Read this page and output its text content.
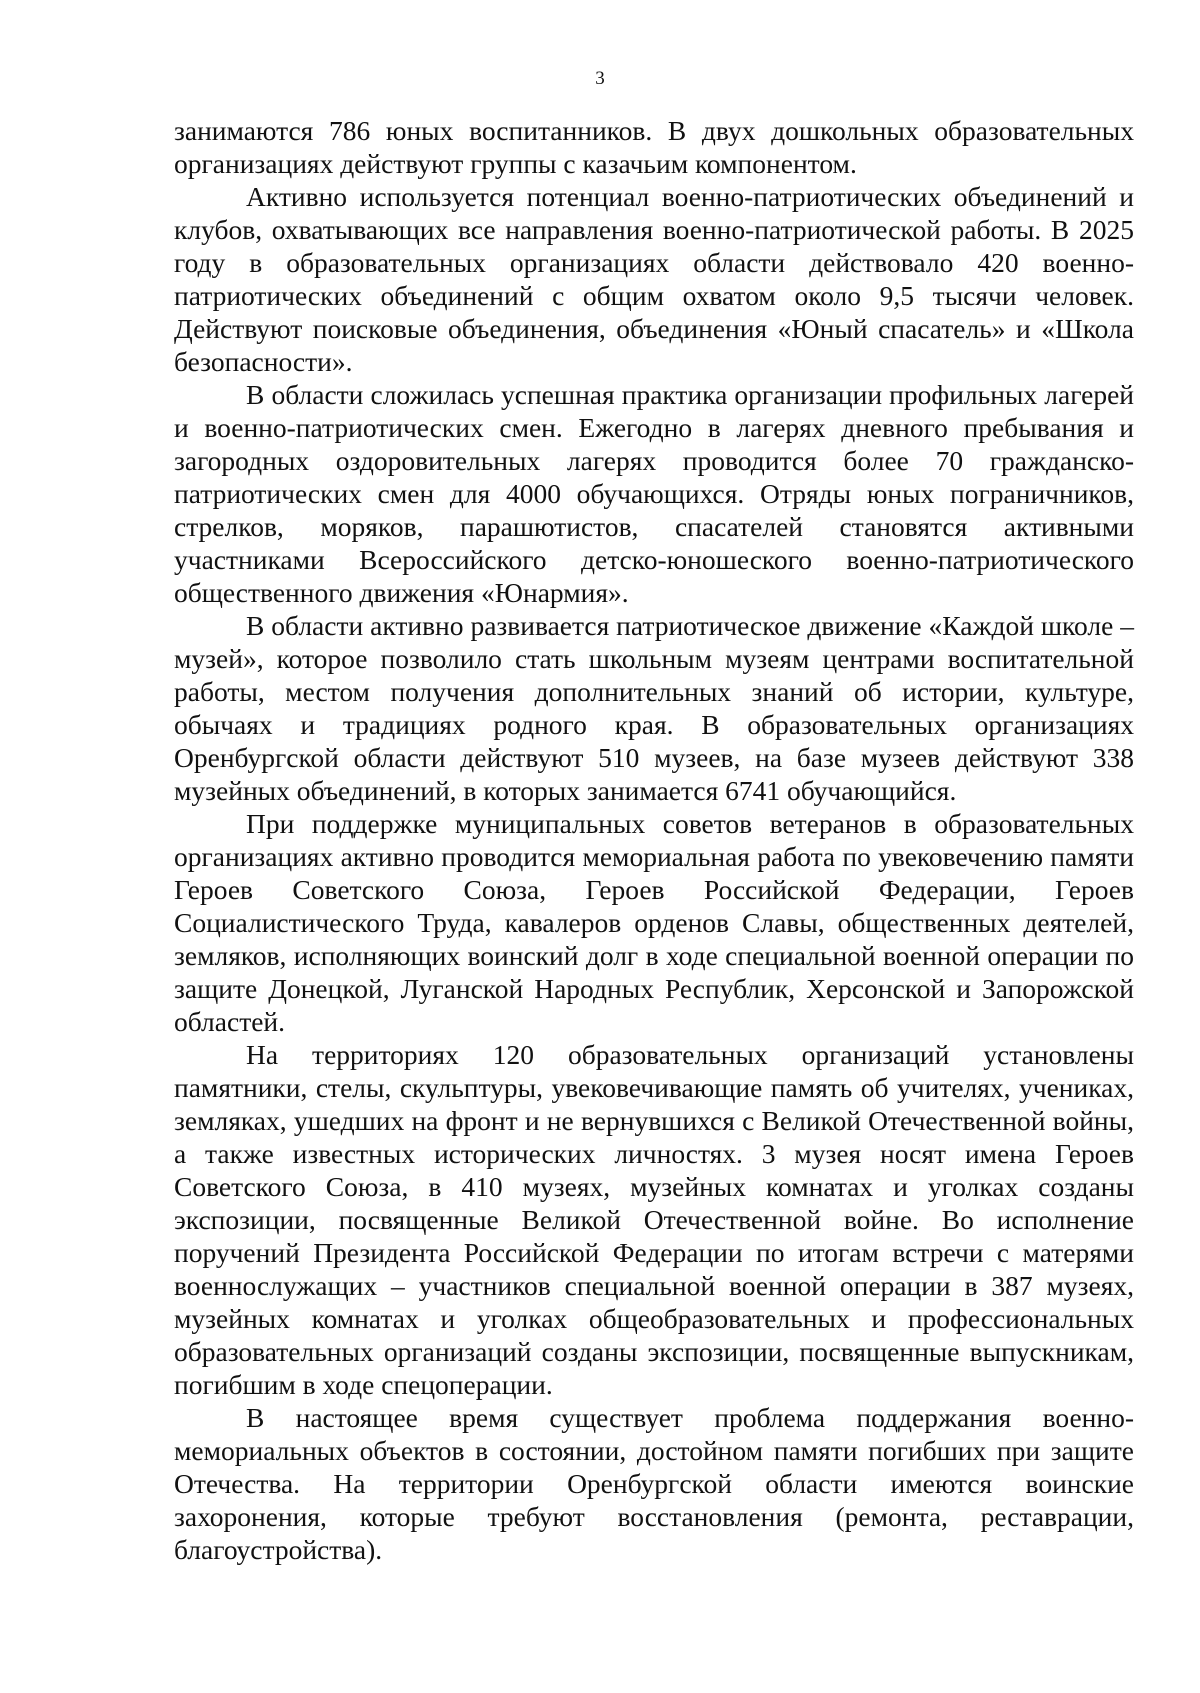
3

занимаются 786 юных воспитанников. В двух дошкольных образовательных организациях действуют группы с казачьим компонентом.

Активно используется потенциал военно-патриотических объединений и клубов, охватывающих все направления военно-патриотической работы. В 2025 году в образовательных организациях области действовало 420 военно-патриотических объединений с общим охватом около 9,5 тысячи человек. Действуют поисковые объединения, объединения «Юный спасатель» и «Школа безопасности».

В области сложилась успешная практика организации профильных лагерей и военно-патриотических смен. Ежегодно в лагерях дневного пребывания и загородных оздоровительных лагерях проводится более 70 гражданско-патриотических смен для 4000 обучающихся. Отряды юных пограничников, стрелков, моряков, парашютистов, спасателей становятся активными участниками Всероссийского детско-юношеского военно-патриотического общественного движения «Юнармия».

В области активно развивается патриотическое движение «Каждой школе – музей», которое позволило стать школьным музеям центрами воспитательной работы, местом получения дополнительных знаний об истории, культуре, обычаях и традициях родного края. В образовательных организациях Оренбургской области действуют 510 музеев, на базе музеев действуют 338 музейных объединений, в которых занимается 6741 обучающийся.

При поддержке муниципальных советов ветеранов в образовательных организациях активно проводится мемориальная работа по увековечению памяти Героев Советского Союза, Героев Российской Федерации, Героев Социалистического Труда, кавалеров орденов Славы, общественных деятелей, земляков, исполняющих воинский долг в ходе специальной военной операции по защите Донецкой, Луганской Народных Республик, Херсонской и Запорожской областей.

На территориях 120 образовательных организаций установлены памятники, стелы, скульптуры, увековечивающие память об учителях, учениках, земляках, ушедших на фронт и не вернувшихся с Великой Отечественной войны, а также известных исторических личностях. 3 музея носят имена Героев Советского Союза, в 410 музеях, музейных комнатах и уголках созданы экспозиции, посвященные Великой Отечественной войне. Во исполнение поручений Президента Российской Федерации по итогам встречи с матерями военнослужащих – участников специальной военной операции в 387 музеях, музейных комнатах и уголках общеобразовательных и профессиональных образовательных организаций созданы экспозиции, посвященные выпускникам, погибшим в ходе спецоперации.

В настоящее время существует проблема поддержания военно-мемориальных объектов в состоянии, достойном памяти погибших при защите Отечества. На территории Оренбургской области имеются воинские захоронения, которые требуют восстановления (ремонта, реставрации, благоустройства).
